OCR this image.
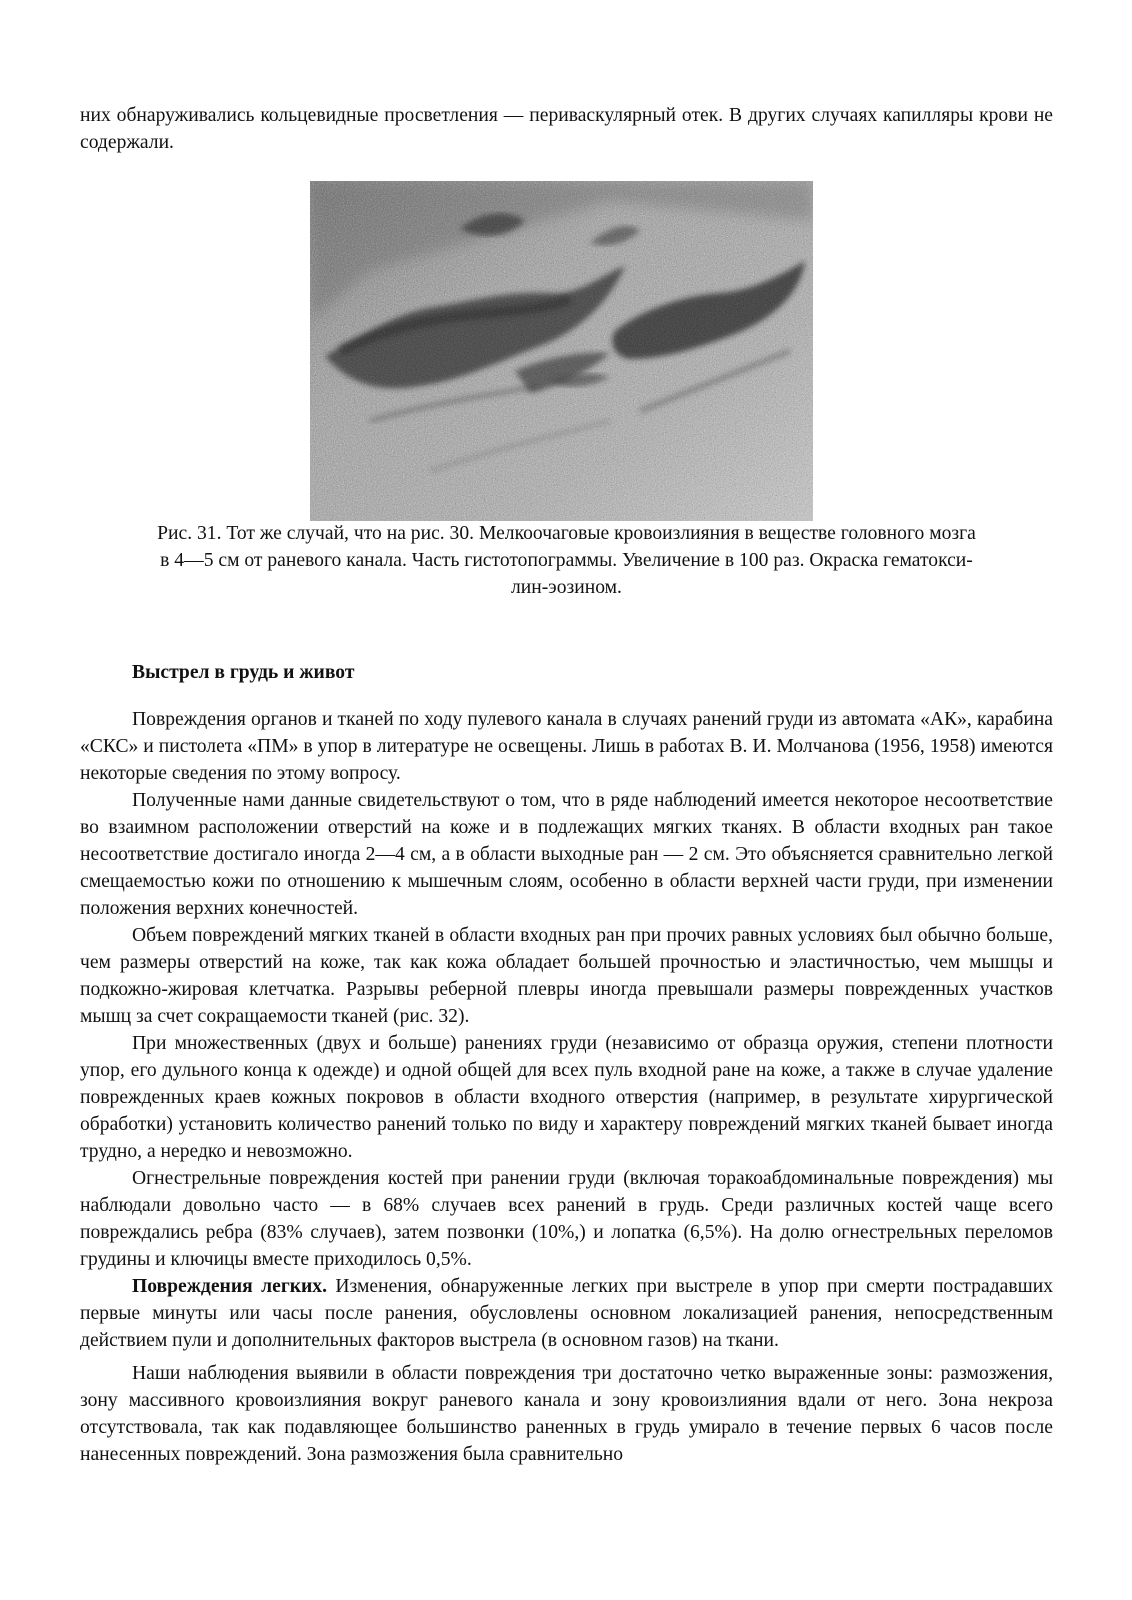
них обнаруживались кольцевидные просветления — периваскулярный отек. В других случаях капилляры крови не содержали.
Рис. 31. Тот же случай, что на рис. 30. Мелкоочаговые кровоизлияния в веществе головного мозга
в 4—5 см от раневого канала. Часть гистотопограммы. Увеличение в 100 раз. Окраска гематокси-
лин-эозином.
Выстрел в грудь и живот

Повреждения органов и тканей по ходу пулевого канала в случаях ранений груди из автомата «АК», карабина «СКС» и пистолета «ПМ» в упор в литературе не освещены. Лишь в работах В. И. Молчанова (1956, 1958) имеются некоторые сведения по этому вопросу.

Полученные нами данные свидетельствуют о том, что в ряде наблюдений имеется некоторое несоответствие во взаимном расположении отверстий на коже и в подлежащих мягких тканях. В области входных ран такое несоответствие достигало иногда 2—4 см, а в области выходные ран — 2 см. Это объясняется сравнительно легкой смещаемостью кожи по отношению к мышечным слоям, особенно в области верхней части груди, при изменении положения верхних конечностей.

Объем повреждений мягких тканей в области входных ран при прочих равных условиях был обычно больше, чем размеры отверстий на коже, так как кожа обладает большей прочностью и эластичностью, чем мышцы и подкожно-жировая клетчатка. Разрывы реберной плевры иногда превышали размеры поврежденных участков мышц за счет сокращаемости тканей (рис. 32).

При множественных (двух и больше) ранениях груди (независимо от образца оружия, степени плотности упор, его дульного конца к одежде) и одной общей для всех пуль входной ране на коже, а также в случае удаление поврежденных краев кожных покровов в области входного отверстия (например, в результате хирургической обработки) установить количество ранений только по виду и характеру повреждений мягких тканей бывает иногда трудно, а нередко и невозможно.

Огнестрельные повреждения костей при ранении груди (включая торакоабдоминальные повреждения) мы наблюдали довольно часто — в 68% случаев всех ранений в грудь. Среди различных костей чаще всего повреждались ребра (83% случаев), затем позвонки (10%,) и лопатка (6,5%). На долю огнестрельных переломов грудины и ключицы вместе приходилось 0,5%.

Повреждения легких. Изменения, обнаруженные легких при выстреле в упор при смерти пострадавших первые минуты или часы после ранения, обусловлены основном локализацией ранения, непосредственным действием пули и дополнительных факторов выстрела (в основном газов) на ткани.

Наши наблюдения выявили в области повреждения три достаточно четко выраженные зоны: размозжения, зону массивного кровоизлияния вокруг раневого канала и зону кровоизлияния вдали от него. Зона некроза отсутствовала, так как подавляющее большинство раненных в грудь умирало в течение первых 6 часов после нанесенных повреждений. Зона размозжения была сравнительно
